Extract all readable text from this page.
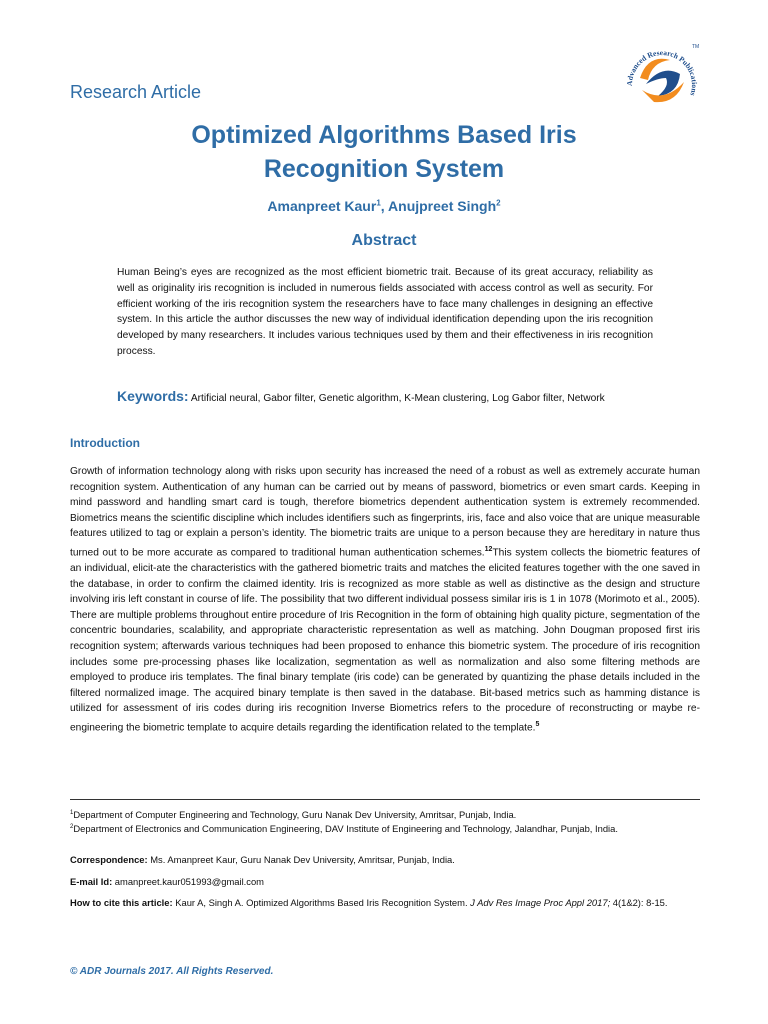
Advanced Research Publications
TM
Research Article
Optimized Algorithms Based Iris
Recognition System
Amanpreet Kaur$^1$, Anujpreet Singh$^2$
Abstract
Human Being’s eyes are recognized as the most efficient biometric trait. Because of its great accuracy, reliability as well as originality iris recognition is included in numerous fields associated with access control as well as security. For efficient working of the iris recognition system the researchers have to face many challenges in designing an effective system. In this article the author discusses the new way of individual identification depending upon the iris recognition developed by many researchers. It includes various techniques used by them and their effectiveness in iris recognition process.
Keywords: Artificial neural, Gabor filter, Genetic algorithm, K-Mean clustering, Log Gabor filter, Network
Introduction
Growth of information technology along with risks upon security has increased the need of a robust as well as extremely accurate human recognition system. Authentication of any human can be carried out by means of password, biometrics or even smart cards. Keeping in mind password and handling smart card is tough, therefore biometrics dependent authentication system is extremely recommended. Biometrics means the scientific discipline which includes identifiers such as fingerprints, iris, face and also voice that are unique measurable features utilized to tag or explain a person’s identity. The biometric traits are unique to a person because they are hereditary in nature thus turned out to be more accurate as compared to traditional human authentication schemes.$^{12}$This system collects the biometric features of an individual, elicit-ate the characteristics with the gathered biometric traits and matches the elicited features together with the one saved in the database, in order to confirm the claimed identity. Iris is recognized as more stable as well as distinctive as the design and structure involving iris left constant in course of life. The possibility that two different individual possess similar iris is 1 in 1078 (Morimoto et al., 2005). There are multiple problems throughout entire procedure of Iris Recognition in the form of obtaining high quality picture, segmentation of the concentric boundaries, scalability, and appropriate characteristic representation as well as matching. John Dougman proposed first iris recognition system; afterwards various techniques had been proposed to enhance this biometric system. The procedure of iris recognition includes some pre-processing phases like localization, segmentation as well as normalization and also some filtering methods are employed to produce iris templates. The final binary template (iris code) can be generated by quantizing the phase details included in the filtered normalized image. The acquired binary template is then saved in the database. Bit-based metrics such as hamming distance is utilized for assessment of iris codes during iris recognition Inverse Biometrics refers to the procedure of reconstructing or maybe re-engineering the biometric template to acquire details regarding the identification related to the template.$^5$
$^1$Department of Computer Engineering and Technology, Guru Nanak Dev University, Amritsar, Punjab, India.
$^2$Department of Electronics and Communication Engineering, DAV Institute of Engineering and Technology, Jalandhar, Punjab, India.
Correspondence: Ms. Amanpreet Kaur, Guru Nanak Dev University, Amritsar, Punjab, India.
E-mail Id: amanpreet.kaur051993@gmail.com
How to cite this article: Kaur A, Singh A. Optimized Algorithms Based Iris Recognition System. J Adv Res Image Proc Appl 2017; 4(1&2): 8-15.
© ADR Journals 2017. All Rights Reserved.
